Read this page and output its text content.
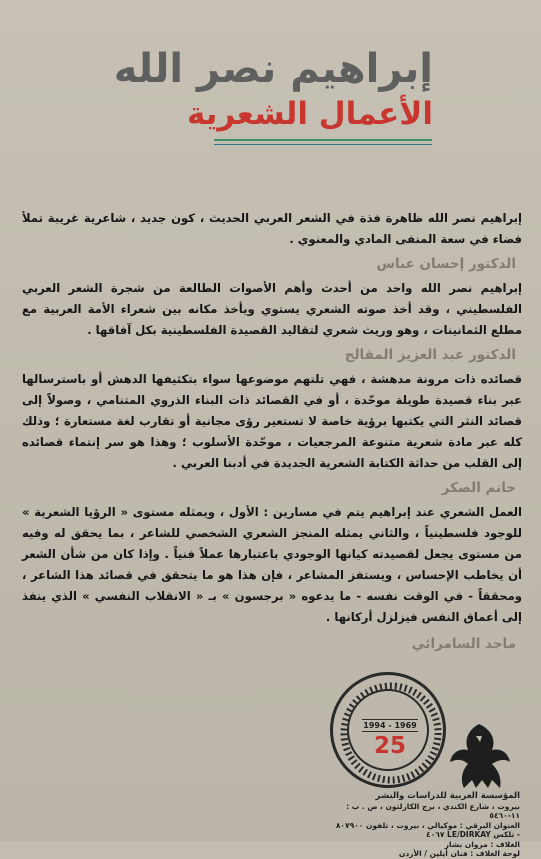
إبراهيم نصر الله
الأعمال الشعرية

إبراهيم نصر الله ظاهرة فذة في الشعر العربي الحديث ، كون جديد ، شاعرية غريبة تملأ فضاء في سعة المنفى المادي والمعنوي .

الدكتور إحسان عباس

إبراهيم نصر الله واحد من أحدث وأهم الأصوات الطالعة من شجرة الشعر العربي الفلسطيني ، وقد أخذ صوته الشعري يستوي ويأخذ مكانه بين شعراء الأمة العربية مع مطلع الثمانينات ، وهو وريث شعري لتقاليد القصيدة الفلسطينية بكل آفاقها .

الدكتور عبد العزيز المقالح

قصائده ذات مرونة مدهشة ، فهي تلتهم موضوعها سواء بتكثيفها الدهش أو باسترسالها عبر بناء قصيدة طويلة موحّدة ، أو في القصائد ذات البناء الذروي المتنامي ، وصولاً إلى قصائد النثر التي يكتبها برؤية خاصة لا تستعير رؤى مجانية أو تقارب لغة مستعارة ؛ وذلك كله عبر مادة شعرية متنوعة المرجعيات ، موحّدة الأسلوب ؛ وهذا هو سر إنتماء قصائده إلى القلب من حداثة الكتابة الشعرية الجديدة في أدبنا العربي .

حاتم الصكر

العمل الشعري عند إبراهيم يتم في مسارين : الأول ، ويمثله مستوى « الرؤيا الشعرية » للوجود فلسطينياً ، والثاني يمثله المنجز الشعري الشخصي للشاعر ، بما يحقق له وفيه من مستوى يجعل لقصيدته كيانها الوجودي باعتبارها عملاً فنياً . وإذا كان من شأن الشعر أن يخاطب الإحساس ، ويستفز المشاعر ، فإن هذا هو ما يتحقق في قصائد هذا الشاعر ، ومحققاً - في الوقت نفسه - ما يدعوه « برجسون » بـ « الانقلاب النفسي » الذي ينفذ إلى أعماق النفس فيزلزل أركانها .

ماجد السامرائي
1994 - 1969
25
المؤسسة العربية للدراسات والنشر
بيروت ، شارع الكندي ، برج الكارلتون ، ص . ب : ١١-٥٤٦٠
العنوان البرقي : موكيالي ، بيروت ، تلفون ٨٠٧٩٠٠ - تلكس LE/DIRKAY ٤٠٦٧
الغلاف : مروان بشار
لوحة الغلاف : فنان أيلين / الأردن
